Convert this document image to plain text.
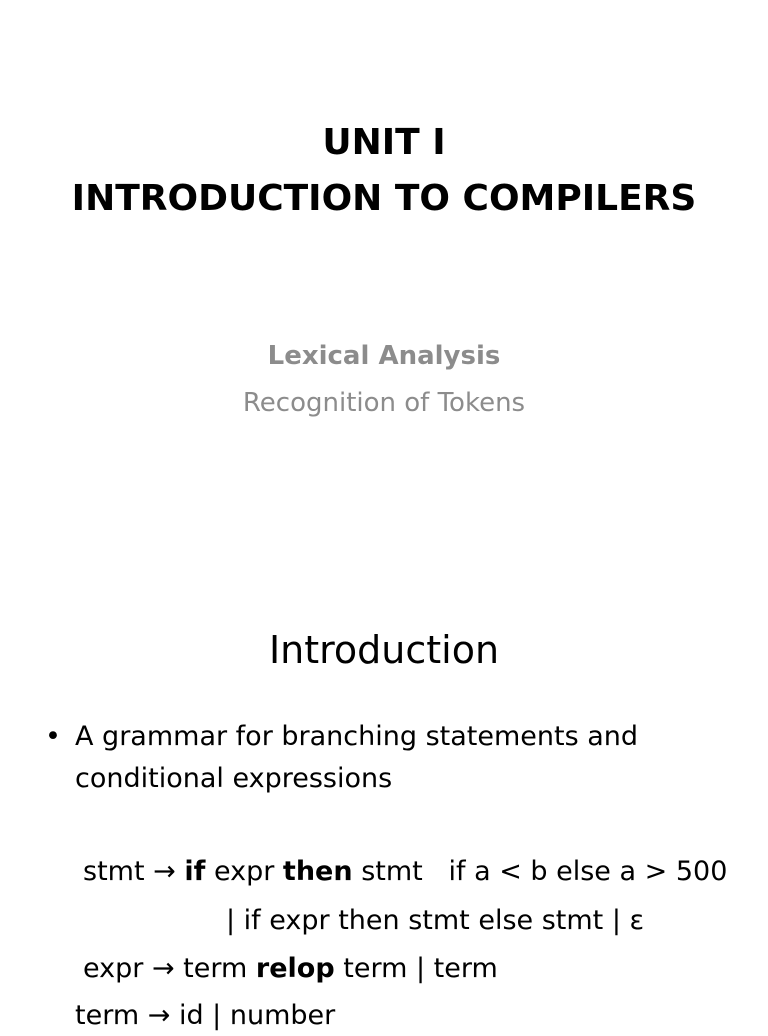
UNIT I
INTRODUCTION TO COMPILERS
Lexical Analysis
Recognition of Tokens
Introduction
• A grammar for branching statements and conditional expressions
stmt → if expr then stmt if a < b else a > 500
| if expr then stmt else stmt | ε
expr → term relop term | term
term → id | number
